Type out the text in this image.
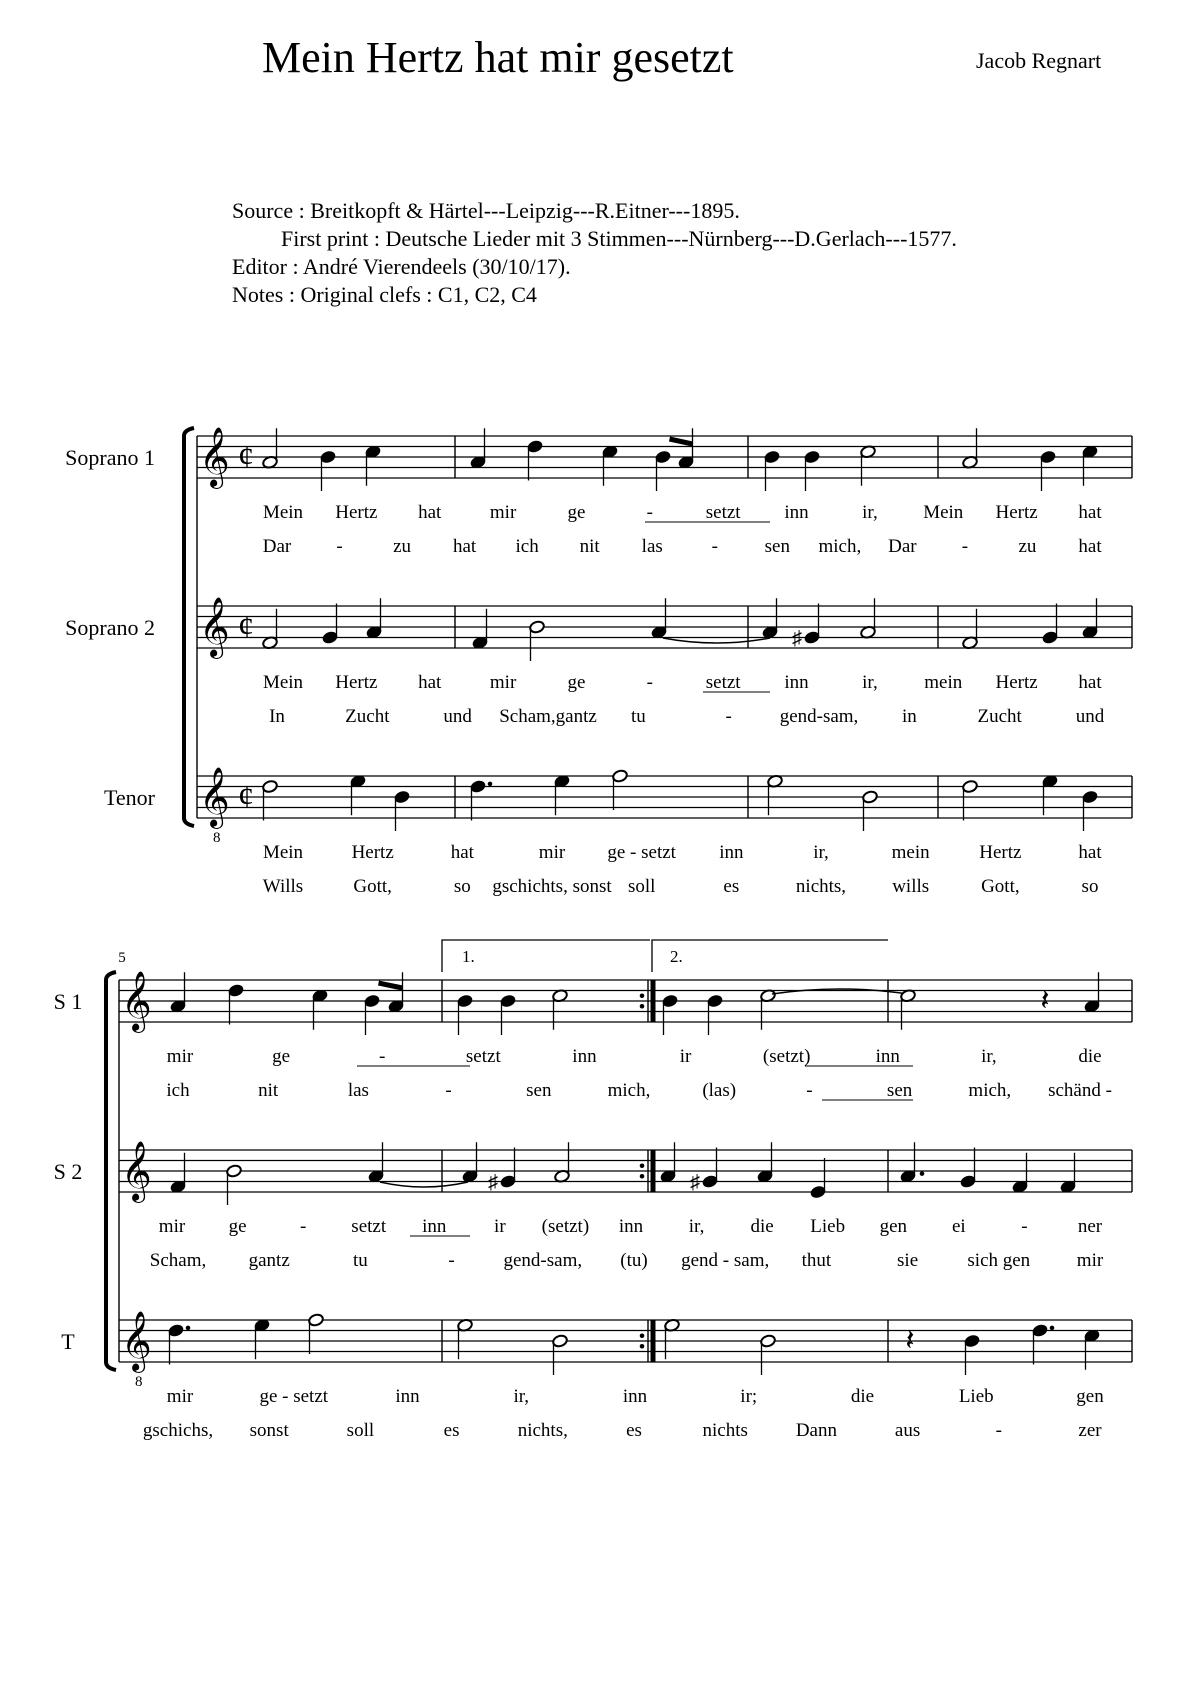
Mein Hertz hat mir gesetzt	Jacob Regnart
Source : Breitkopft & Härtel---Leipzig---R.Eitner---1895.
First print : Deutsche Lieder mit 3 Stimmen---Nürnberg---D.Gerlach---1577.
Editor : André Vierendeels (30/10/17).
Notes : Original clefs : C1, C2, C4
𝄞 ¢
Soprano 1
𝄞 ¢
Soprano 2
𝄞
8
¢
Tenor
Mein Hertz hat	mir	ge	-	setzt inn	ir, Mein Hertz hat
Dar -	zu hat ich nit las	- sen mich, Dar -	zu hat
♯
Mein Hertz hat	mir	ge	-	setzt inn	ir, mein Hertz hat
In	Zucht	und Scham,gantz tu	-	gend-sam, in	Zucht	und
Mein	Hertz	hat	mir ge - setzt inn	ir,	mein	Hertz	hat
Wills	Gott,	so gschichts, sonst soll	es	nichts, wills	Gott,	so
5	1.	2.
𝄞
S 1
𝄞
S 2
𝄞
8
T
𝄽
mir	ge	-	setzt	inn	ir	(setzt)	inn	ir,	die
ich	nit	las	-	sen	mich,	(las)	-	sen	mich, schänd -
♯	♯
mir ge	- setzt inn	ir (setzt) inn ir, die Lieb gen ei	-	ner
Scham, gantz	tu	-	gend-sam, (tu) gend - sam, thut	sie	sich gen mir
𝄽
mir	ge - setzt	inn	ir,	inn	ir;	die	Lieb	gen
gschichs, sonst	soll	es	nichts,	es	nichts	Dann	aus	-	zer
